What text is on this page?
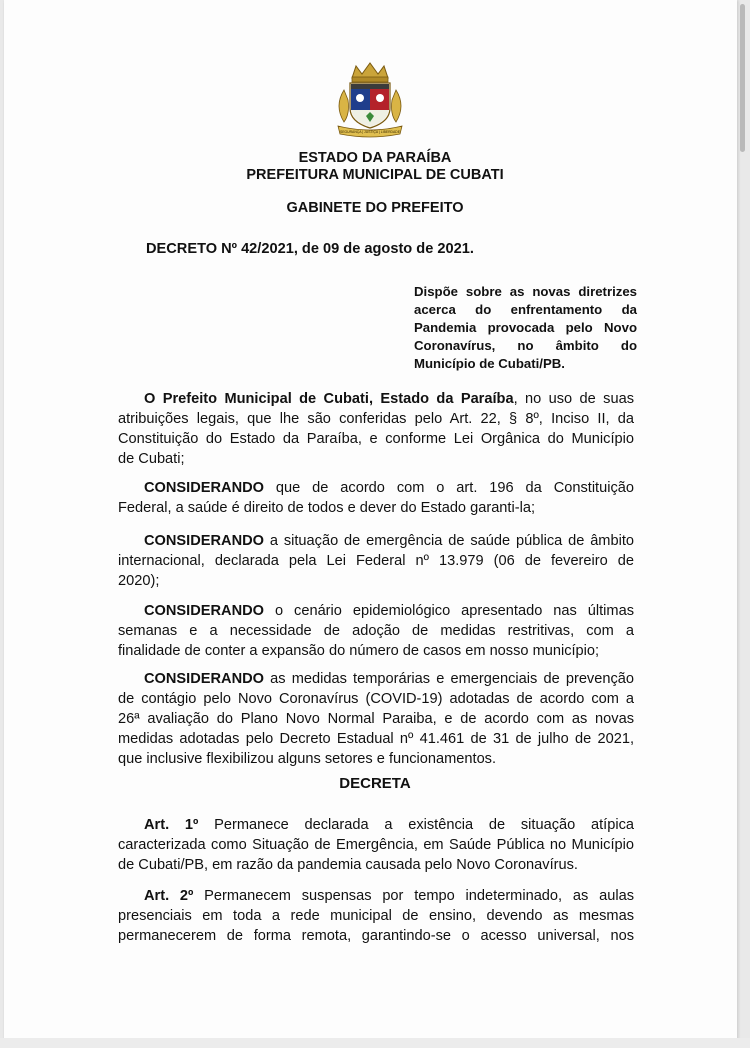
SEGURANÇA | JUSTIÇA | LIBERDADE
ESTADO DA PARAÍBA
PREFEITURA MUNICIPAL DE CUBATI
GABINETE DO PREFEITO
DECRETO Nº 42/2021, de 09 de agosto de 2021.
Dispõe sobre as novas diretrizes
acerca do enfrentamento da
Pandemia provocada pelo Novo
Coronavírus, no âmbito do
Município de Cubati/PB.
O Prefeito Municipal de Cubati, Estado da Paraíba, no uso de suas
atribuições legais, que lhe são conferidas pelo Art. 22, § 8º, Inciso II, da
Constituição do Estado da Paraíba, e conforme Lei Orgânica do Município
de Cubati;
CONSIDERANDO que de acordo com o art. 196 da Constituição
Federal, a saúde é direito de todos e dever do Estado garanti-la;
CONSIDERANDO a situação de emergência de saúde pública de âmbito
internacional, declarada pela Lei Federal nº 13.979 (06 de fevereiro de
2020);
CONSIDERANDO o cenário epidemiológico apresentado nas últimas
semanas e a necessidade de adoção de medidas restritivas, com a
finalidade de conter a expansão do número de casos em nosso município;
CONSIDERANDO as medidas temporárias e emergenciais de prevenção
de contágio pelo Novo Coronavírus (COVID-19) adotadas de acordo com a
26ª avaliação do Plano Novo Normal Paraiba, e de acordo com as novas
medidas adotadas pelo Decreto Estadual nº 41.461 de 31 de julho de 2021,
que inclusive flexibilizou alguns setores e funcionamentos.
DECRETA
Art. 1º Permanece declarada a existência de situação atípica
caracterizada como Situação de Emergência, em Saúde Pública no Município
de Cubati/PB, em razão da pandemia causada pelo Novo Coronavírus.
Art. 2º Permanecem suspensas por tempo indeterminado, as aulas
presenciais em toda a rede municipal de ensino, devendo as mesmas
permanecerem de forma remota, garantindo-se o acesso universal, nos
